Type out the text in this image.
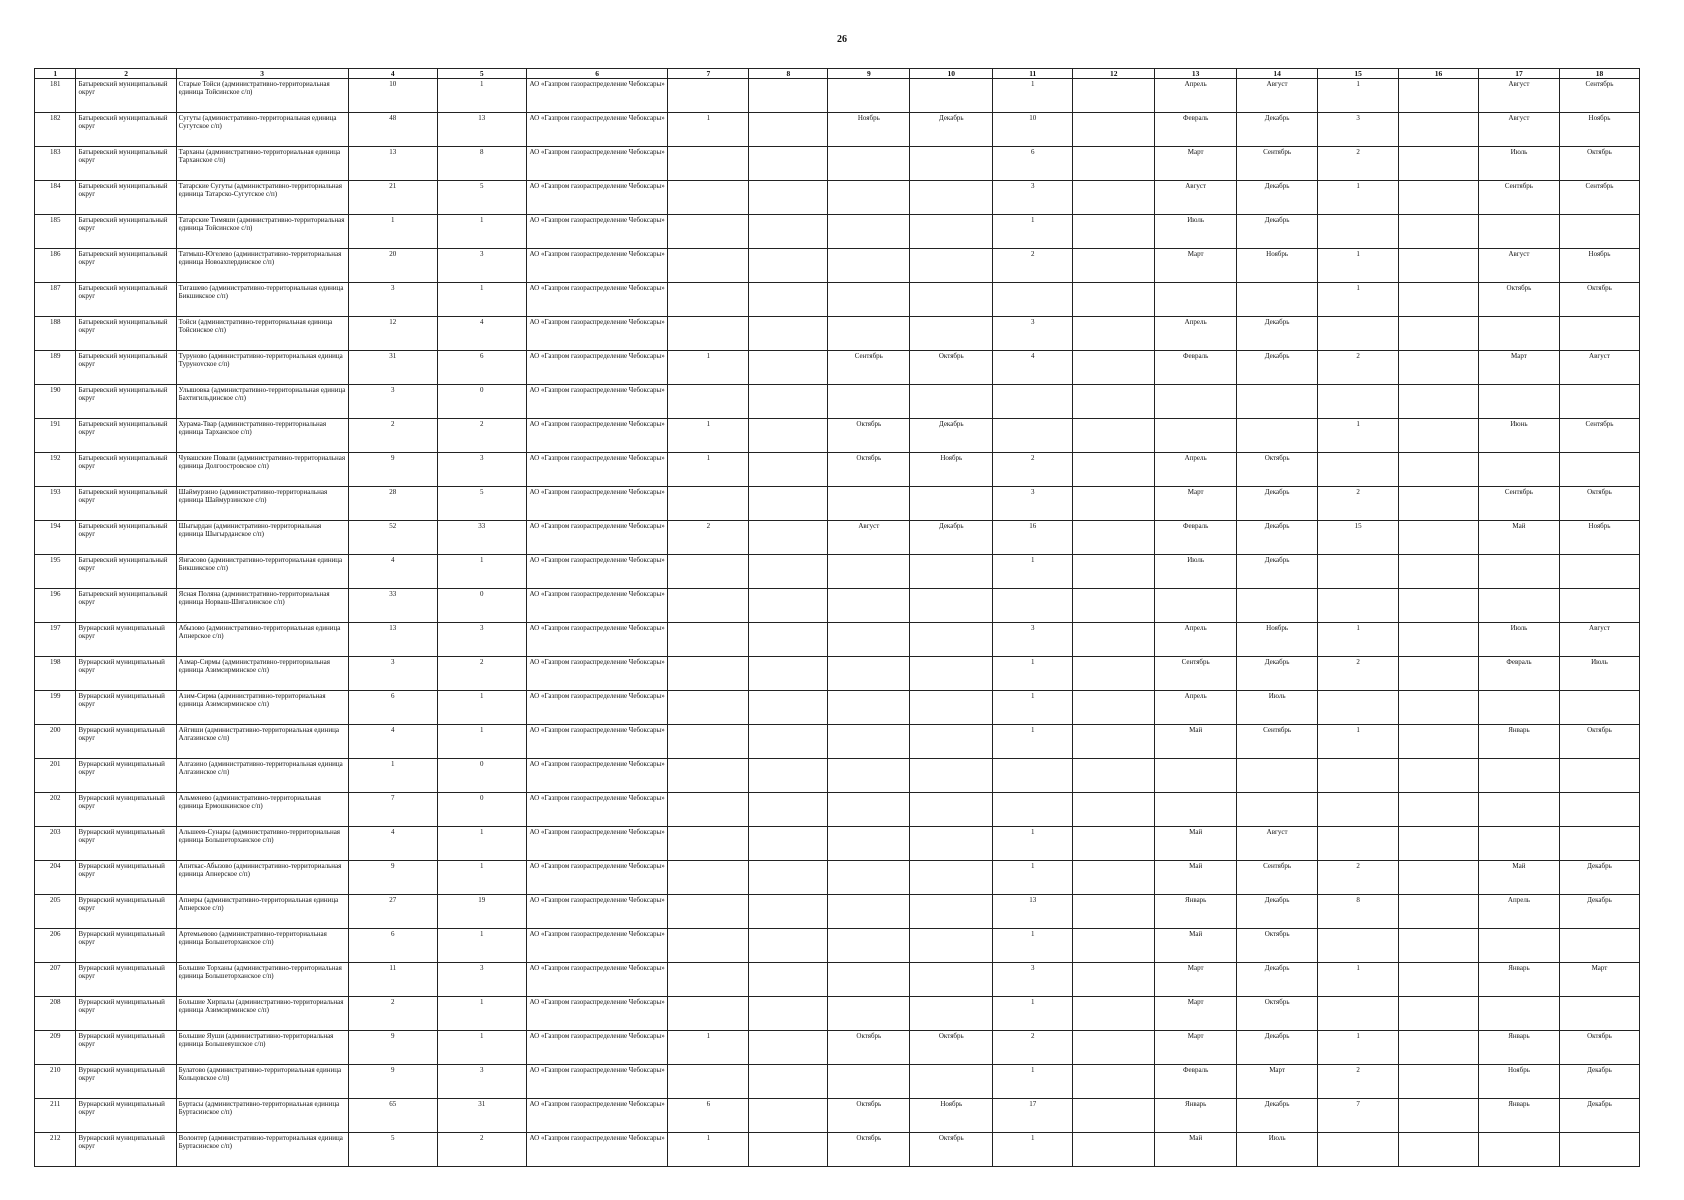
26
1	2	3	4	5	6	7	8	9	10	11	12	13	14	15	16	17	18
181	Батыревский муниципальный округ	Старые Тойси (административно-территориальная единица Тойсинское с/п)	10	1	АО «Газпром газораспределение Чебоксары»					1		Апрель	Август	1		Август	Сентябрь
182	Батыревский муниципальный округ	Сугуты (административно-территориальная единица Сугутское с/п)	48	13	АО «Газпром газораспределение Чебоксары»	1		Ноябрь	Декабрь	10		Февраль	Декабрь	3		Август	Ноябрь
183	Батыревский муниципальный округ	Тарханы (административно-территориальная единица Тарханское с/п)	13	8	АО «Газпром газораспределение Чебоксары»					6		Март	Сентябрь	2		Июль	Октябрь
184	Батыревский муниципальный округ	Татарские Сугуты (административно-территориальная единица Татарско-Сугутское с/п)	21	5	АО «Газпром газораспределение Чебоксары»					3		Август	Декабрь	1		Сентябрь	Сентябрь
185	Батыревский муниципальный округ	Татарские Тимяши (административно-территориальная единица Тойсинское с/п)	1	1	АО «Газпром газораспределение Чебоксары»					1		Июль	Декабрь				
186	Батыревский муниципальный округ	Татмыш-Югелево (административно-территориальная единица Новоахпердинское с/п)	20	3	АО «Газпром газораспределение Чебоксары»					2		Март	Ноябрь	1		Август	Ноябрь
187	Батыревский муниципальный округ	Тигашево (административно-территориальная единица Бикшикское с/п)	3	1	АО «Газпром газораспределение Чебоксары»									1		Октябрь	Октябрь
188	Батыревский муниципальный округ	Тойси (административно-территориальная единица Тойсинское с/п)	12	4	АО «Газпром газораспределение Чебоксары»					3		Апрель	Декабрь				
189	Батыревский муниципальный округ	Туруново (административно-территориальная единица Турунovское с/п)	31	6	АО «Газпром газораспределение Чебоксары»	1		Сентябрь	Октябрь	4		Февраль	Декабрь	2		Март	Август
190	Батыревский муниципальный округ	Улышовка (административно-территориальная единица Бахтигильдинское с/п)	3	0	АО «Газпром газораспределение Чебоксары»												
191	Батыревский муниципальный округ	Хурама-Твар (административно-территориальная единица Тарханское с/п)	2	2	АО «Газпром газораспределение Чебоксары»	1		Октябрь	Декабрь					1		Июнь	Сентябрь
192	Батыревский муниципальный округ	Чувашские Повали (административно-территориальная единица Долгоостровское с/п)	9	3	АО «Газпром газораспределение Чебоксары»	1		Октябрь	Ноябрь	2		Апрель	Октябрь				
193	Батыревский муниципальный округ	Шаймурзино (административно-территориальная единица Шаймурзинское с/п)	28	5	АО «Газпром газораспределение Чебоксары»					3		Март	Декабрь	2		Сентябрь	Октябрь
194	Батыревский муниципальный округ	Шыгырдан (административно-территориальная единица Шыгырданское с/п)	52	33	АО «Газпром газораспределение Чебоксары»	2		Август	Декабрь	16		Февраль	Декабрь	15		Май	Ноябрь
195	Батыревский муниципальный округ	Янгасово (административно-территориальная единица Бикшикское с/п)	4	1	АО «Газпром газораспределение Чебоксары»					1		Июль	Декабрь				
196	Батыревский муниципальный округ	Ясная Поляна (административно-территориальная единица Норваш-Шигалинское с/п)	33	0	АО «Газпром газораспределение Чебоксары»												
197	Вурнарский муниципальный округ	Абызово (административно-территориальная единица Апнерское с/п)	13	3	АО «Газпром газораспределение Чебоксары»					3		Апрель	Ноябрь	1		Июль	Август
198	Вурнарский муниципальный округ	Азмар-Сирмы (административно-территориальная единица Азимсирминское с/п)	3	2	АО «Газпром газораспределение Чебоксары»					1		Сентябрь	Декабрь	2		Февраль	Июль
199	Вурнарский муниципальный округ	Азим-Сирма (административно-территориальная единица Азимсирминское с/п)	6	1	АО «Газпром газораспределение Чебоксары»					1		Апрель	Июль				
200	Вурнарский муниципальный округ	Айгиши (административно-территориальная единица Алгазинское с/п)	4	1	АО «Газпром газораспределение Чебоксары»					1		Май	Сентябрь	1		Январь	Октябрь
201	Вурнарский муниципальный округ	Алгазино (административно-территориальная единица Алгазинское с/п)	1	0	АО «Газпром газораспределение Чебоксары»												
202	Вурнарский муниципальный округ	Альменево (административно-территориальная единица Ермошкинское с/п)	7	0	АО «Газпром газораспределение Чебоксары»												
203	Вурнарский муниципальный округ	Альшеев-Сунары (административно-территориальная единица Большеторханское с/п)	4	1	АО «Газпром газораспределение Чебоксары»					1		Май	Август				
204	Вурнарский муниципальный округ	Апнткас-Абызово (административно-территориальная единица Апнерское с/п)	9	1	АО «Газпром газораспределение Чебоксары»					1		Май	Сентябрь	2		Май	Декабрь
205	Вурнарский муниципальный округ	Апнеры (административно-территориальная единица Апнерское с/п)	27	19	АО «Газпром газораспределение Чебоксары»					13		Январь	Декабрь	8		Апрель	Декабрь
206	Вурнарский муниципальный округ	Артемьевово (административно-территориальная единица Большеторханское с/п)	6	1	АО «Газпром газораспределение Чебоксары»					1		Май	Октябрь				
207	Вурнарский муниципальный округ	Большие Торханы (административно-территориальная единица Большеторханское с/п)	11	3	АО «Газпром газораспределение Чебоксары»					3		Март	Декабрь	1		Январь	Март
208	Вурнарский муниципальный округ	Большие Хирпалы (административно-территориальная единица Азимсирминское с/п)	2	1	АО «Газпром газораспределение Чебоксары»					1		Март	Октябрь				
209	Вурнарский муниципальный округ	Большие Яуши (административно-территориальная единица Большеяушское с/п)	9	1	АО «Газпром газораспределение Чебоксары»	1		Октябрь	Октябрь	2		Март	Декабрь	1		Январь	Октябрь
210	Вурнарский муниципальный округ	Булатово (административно-территориальная единица Кольцовское с/п)	9	3	АО «Газпром газораспределение Чебоксары»					1		Февраль	Март	2		Ноябрь	Декабрь
211	Вурнарский муниципальный округ	Буртасы (административно-территориальная единица Буртасинское с/п)	65	31	АО «Газпром газораспределение Чебоксары»	6		Октябрь	Ноябрь	17		Январь	Декабрь	7		Январь	Декабрь
212	Вурнарский муниципальный округ	Волонтер (административно-территориальная единица Буртасинское с/п)	5	2	АО «Газпром газораспределение Чебоксары»	1		Октябрь	Октябрь	1		Май	Июль				
